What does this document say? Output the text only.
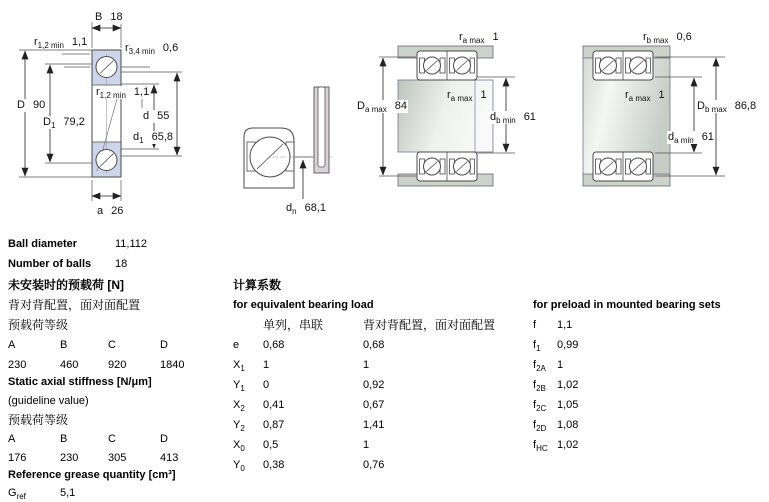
B 18
$r_{1,2 min}$ 1,1	$r_{3,4 min}$ 0,6
D 90
$D_1$ 79,2
$r_{1,2 min}$ 1,1
d 55
$d_1$ 65,8
a 26	$d_n$ 68,1
$r_{a max}$ 1
$D_{a max}$ 84
$r_{a max}$ 1
$d_{b min}$ 61
$r_{b max}$ 0,6
$r_{a max}$ 1
$D_{b max}$ 86,8
$d_{a min}$ 61
Ball diameter	11,112
Number of balls	18
未安装时的预载荷 [N]
背对背配置，面对面配置
预载荷等级
A	B	C	D
230	460	920	1840
Static axial stiffness [N/μm]
(guideline value)
预载荷等级
A	B	C	D
176	230	305	413
Reference grease quantity [cm³]
$G_{ref}$	5,1
计算系数
for equivalent bearing load
单列，串联	背对背配置，面对面配置
e	0,68	0,68
$X_1$	1	1
$Y_1$	0	0,92
$X_2$	0,41	0,67
$Y_2$	0,87	1,41
$X_0$	0,5	1
$Y_0$	0,38	0,76
for preload in mounted bearing sets
f	1,1
$f_1$	0,99
$f_{2A}$	1
$f_{2B}$	1,02
$f_{2C}$ 1,05
$f_{2D}$ 1,08
$f_{HC}$ 1,02
